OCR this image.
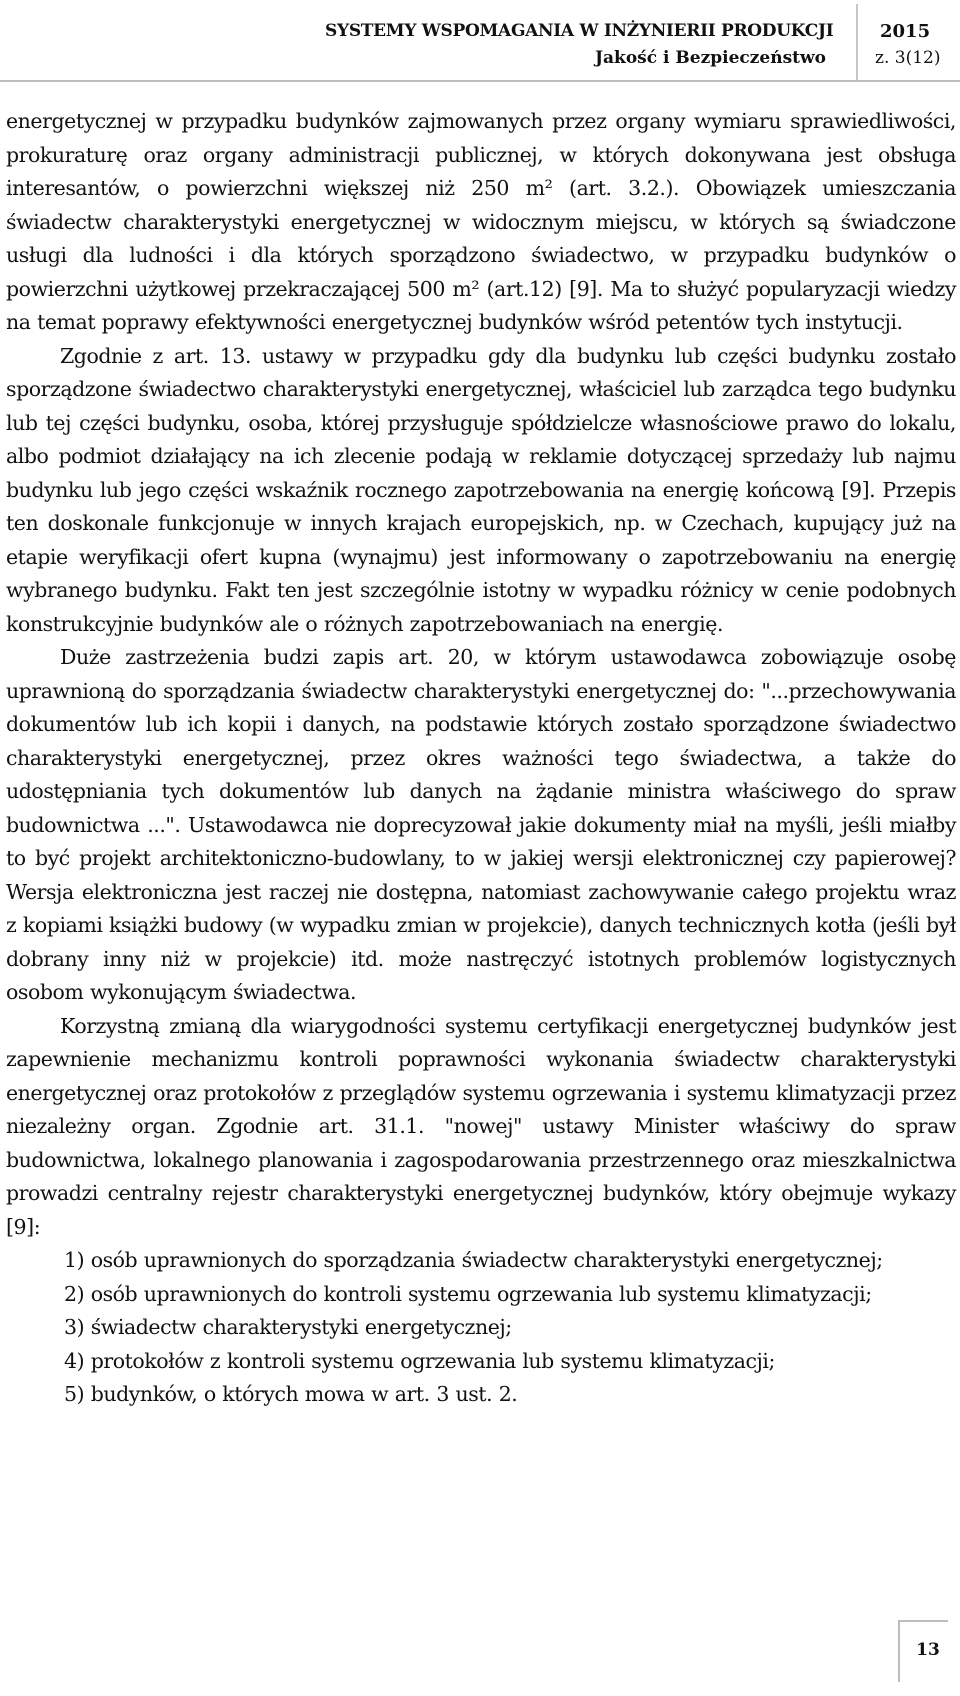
SYSTEMY WSPOMAGANIA W INŻYNIERII PRODUKCJI
Jakość i Bezpieczeństwo
2015
z. 3(12)

energetycznej w przypadku budynków zajmowanych przez organy wymiaru sprawiedliwości, prokuraturę oraz organy administracji publicznej, w których dokonywana jest obsługa interesantów, o powierzchni większej niż 250 m² (art. 3.2.). Obowiązek umieszczania świadectw charakterystyki energetycznej w widocznym miejscu, w których są świadczone usługi dla ludności i dla których sporządzono świadectwo, w przypadku budynków o powierzchni użytkowej przekraczającej 500 m² (art.12) [9]. Ma to służyć popularyzacji wiedzy na temat poprawy efektywności energetycznej budynków wśród petentów tych instytucji.

Zgodnie z art. 13. ustawy w przypadku gdy dla budynku lub części budynku zostało sporządzone świadectwo charakterystyki energetycznej, właściciel lub zarządca tego budynku lub tej części budynku, osoba, której przysługuje spółdzielcze własnościowe prawo do lokalu, albo podmiot działający na ich zlecenie podają w reklamie dotyczącej sprzedaży lub najmu budynku lub jego części wskaźnik rocznego zapotrzebowania na energię końcową [9]. Przepis ten doskonale funkcjonuje w innych krajach europejskich, np. w Czechach, kupujący już na etapie weryfikacji ofert kupna (wynajmu) jest informowany o zapotrzebowaniu na energię wybranego budynku. Fakt ten jest szczególnie istotny w wypadku różnicy w cenie podobnych konstrukcyjnie budynków ale o różnych zapotrzebowaniach na energię.

Duże zastrzeżenia budzi zapis art. 20, w którym ustawodawca zobowiązuje osobę uprawnioną do sporządzania świadectw charakterystyki energetycznej do: "...przechowywania dokumentów lub ich kopii i danych, na podstawie których zostało sporządzone świadectwo charakterystyki energetycznej, przez okres ważności tego świadectwa, a także do udostępniania tych dokumentów lub danych na żądanie ministra właściwego do spraw budownictwa ...". Ustawodawca nie doprecyzował jakie dokumenty miał na myśli, jeśli miałby to być projekt architektoniczno-budowlany, to w jakiej wersji elektronicznej czy papierowej? Wersja elektroniczna jest raczej nie dostępna, natomiast zachowywanie całego projektu wraz z kopiami książki budowy (w wypadku zmian w projekcie), danych technicznych kotła (jeśli był dobrany inny niż w projekcie) itd. może nastręczyć istotnych problemów logistycznych osobom wykonującym świadectwa.

Korzystną zmianą dla wiarygodności systemu certyfikacji energetycznej budynków jest zapewnienie mechanizmu kontroli poprawności wykonania świadectw charakterystyki energetycznej oraz protokołów z przeglądów systemu ogrzewania i systemu klimatyzacji przez niezależny organ. Zgodnie art. 31.1. "nowej" ustawy Minister właściwy do spraw budownictwa, lokalnego planowania i zagospodarowania przestrzennego oraz mieszkalnictwa prowadzi centralny rejestr charakterystyki energetycznej budynków, który obejmuje wykazy [9]:

1) osób uprawnionych do sporządzania świadectw charakterystyki energetycznej;
2) osób uprawnionych do kontroli systemu ogrzewania lub systemu klimatyzacji;
3) świadectw charakterystyki energetycznej;
4) protokołów z kontroli systemu ogrzewania lub systemu klimatyzacji;
5) budynków, o których mowa w art. 3 ust. 2.
13
